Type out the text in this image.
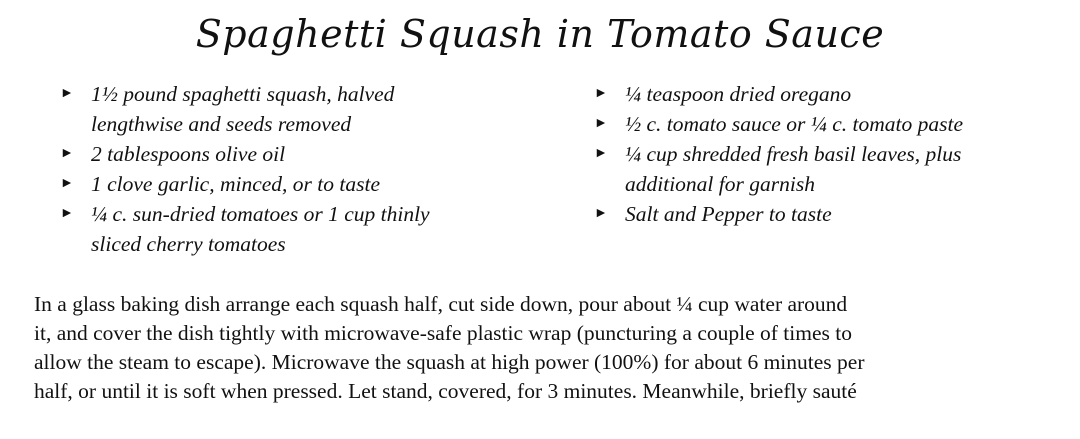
Spaghetti Squash in Tomato Sauce
► 1½ pound spaghetti squash, halved
lengthwise and seeds removed
► 2 tablespoons olive oil
► 1 clove garlic, minced, or to taste
► ¼ c. sun-dried tomatoes or 1 cup thinly
sliced cherry tomatoes
► ¼ teaspoon dried oregano
► ½ c. tomato sauce or ¼ c. tomato paste
► ¼ cup shredded fresh basil leaves, plus
additional for garnish
► Salt and Pepper to taste

In a glass baking dish arrange each squash half, cut side down, pour about ¼ cup water around
it, and cover the dish tightly with microwave-safe plastic wrap (puncturing a couple of times to
allow the steam to escape). Microwave the squash at high power (100%) for about 6 minutes per
half, or until it is soft when pressed. Let stand, covered, for 3 minutes. Meanwhile, briefly sauté
